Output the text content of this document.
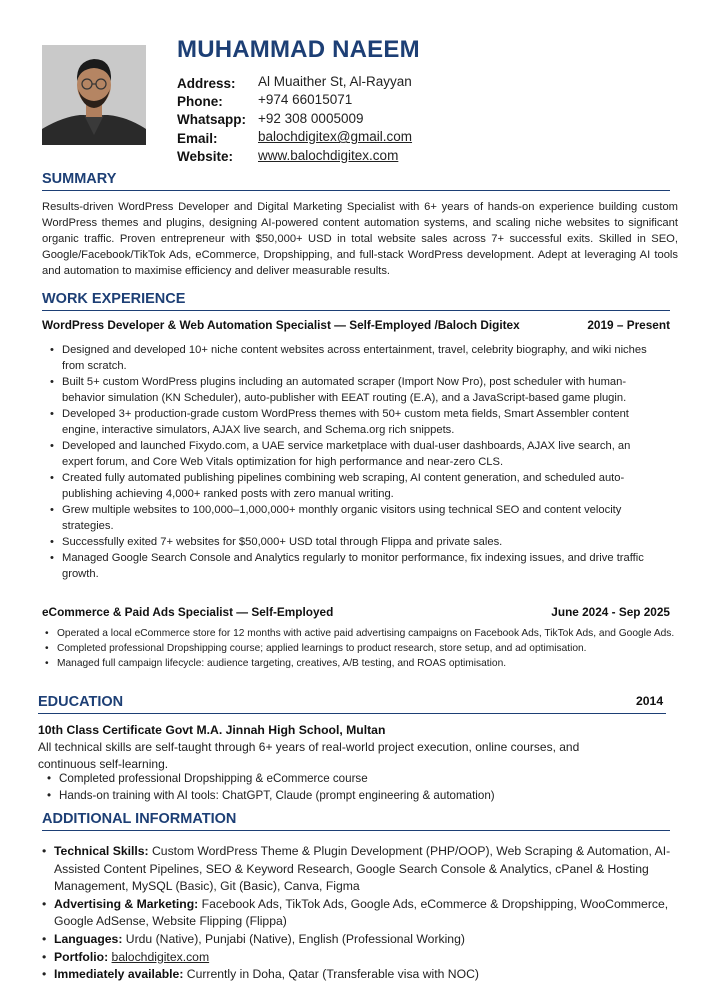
MUHAMMAD NAEEM
Address:	Al Muaither St, Al-Rayyan
Phone:	+974 66015071
Whatsapp: +92 308 0005009
Email:	balochdigitex@gmail.com
Website:	www.balochdigitex.com
SUMMARY
Results-driven WordPress Developer and Digital Marketing Specialist with 6+ years of hands-on experience building custom WordPress themes and plugins, designing AI-powered content automation systems, and scaling niche websites to significant organic traffic. Proven entrepreneur with $50,000+ USD in total website sales across 7+ successful exits. Skilled in SEO, Google/Facebook/TikTok Ads, eCommerce, Dropshipping, and full-stack WordPress development. Adept at leveraging AI tools and automation to maximise efficiency and deliver measurable results.
WORK EXPERIENCE
WordPress Developer & Web Automation Specialist — Self-Employed /Baloch Digitex	2019 – Present
• Designed and developed 10+ niche content websites across entertainment, travel, celebrity biography, and wiki niches from scratch.
• Built 5+ custom WordPress plugins including an automated scraper (Import Now Pro), post scheduler with human-behavior simulation (KN Scheduler), auto-publisher with EEAT routing (E.A), and a JavaScript-based game plugin.
• Developed 3+ production-grade custom WordPress themes with 50+ custom meta fields, Smart Assembler content engine, interactive simulators, AJAX live search, and Schema.org rich snippets.
• Developed and launched Fixydo.com, a UAE service marketplace with dual-user dashboards, AJAX live search, an expert forum, and Core Web Vitals optimization for high performance and near-zero CLS.
• Created fully automated publishing pipelines combining web scraping, AI content generation, and scheduled auto-publishing achieving 4,000+ ranked posts with zero manual writing.
• Grew multiple websites to 100,000–1,000,000+ monthly organic visitors using technical SEO and content velocity strategies.
• Successfully exited 7+ websites for $50,000+ USD total through Flippa and private sales.
• Managed Google Search Console and Analytics regularly to monitor performance, fix indexing issues, and drive traffic growth.
eCommerce & Paid Ads Specialist — Self-Employed	June 2024 - Sep 2025
• Operated a local eCommerce store for 12 months with active paid advertising campaigns on Facebook Ads, TikTok Ads, and Google Ads.
• Completed professional Dropshipping course; applied learnings to product research, store setup, and ad optimisation.
• Managed full campaign lifecycle: audience targeting, creatives, A/B testing, and ROAS optimisation.
EDUCATION	2014
10th Class Certificate Govt M.A. Jinnah High School, Multan
All technical skills are self-taught through 6+ years of real-world project execution, online courses, and continuous self-learning.
• Completed professional Dropshipping & eCommerce course
• Hands-on training with AI tools: ChatGPT, Claude (prompt engineering & automation)
ADDITIONAL INFORMATION
• Technical Skills: Custom WordPress Theme & Plugin Development (PHP/OOP), Web Scraping & Automation, AI-Assisted Content Pipelines, SEO & Keyword Research, Google Search Console & Analytics, cPanel & Hosting Management, MySQL (Basic), Git (Basic), Canva, Figma
• Advertising & Marketing: Facebook Ads, TikTok Ads, Google Ads, eCommerce & Dropshipping, WooCommerce, Google AdSense, Website Flipping (Flippa)
• Languages: Urdu (Native), Punjabi (Native), English (Professional Working)
• Portfolio: balochdigitex.com
• Immediately available: Currently in Doha, Qatar (Transferable visa with NOC)
